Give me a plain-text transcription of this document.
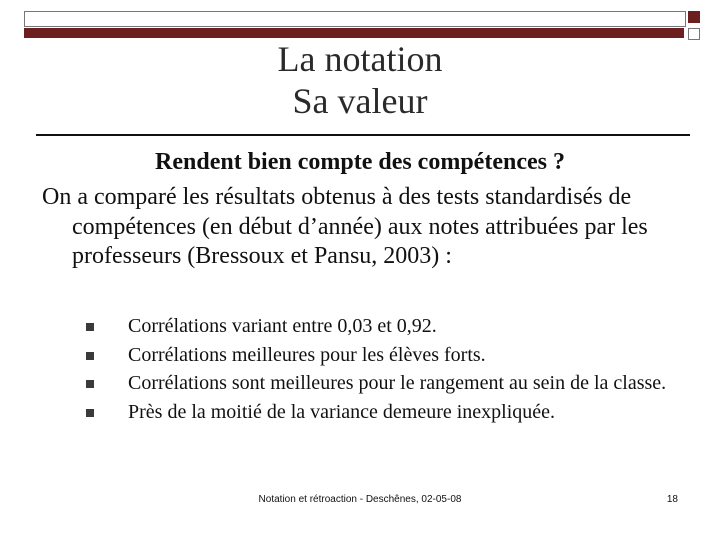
La notation
Sa valeur
Rendent bien compte des compétences ?

On a comparé les résultats obtenus à des tests standardisés de compétences (en début d’année) aux notes attribuées par les professeurs (Bressoux et Pansu, 2003) :

Corrélations variant entre 0,03 et 0,92.
Corrélations meilleures pour les élèves forts.
Corrélations sont meilleures pour le rangement au sein de la classe.
Près de la moitié de la variance demeure inexpliquée.
Notation et rétroaction - Deschênes, 02-05-08	18
